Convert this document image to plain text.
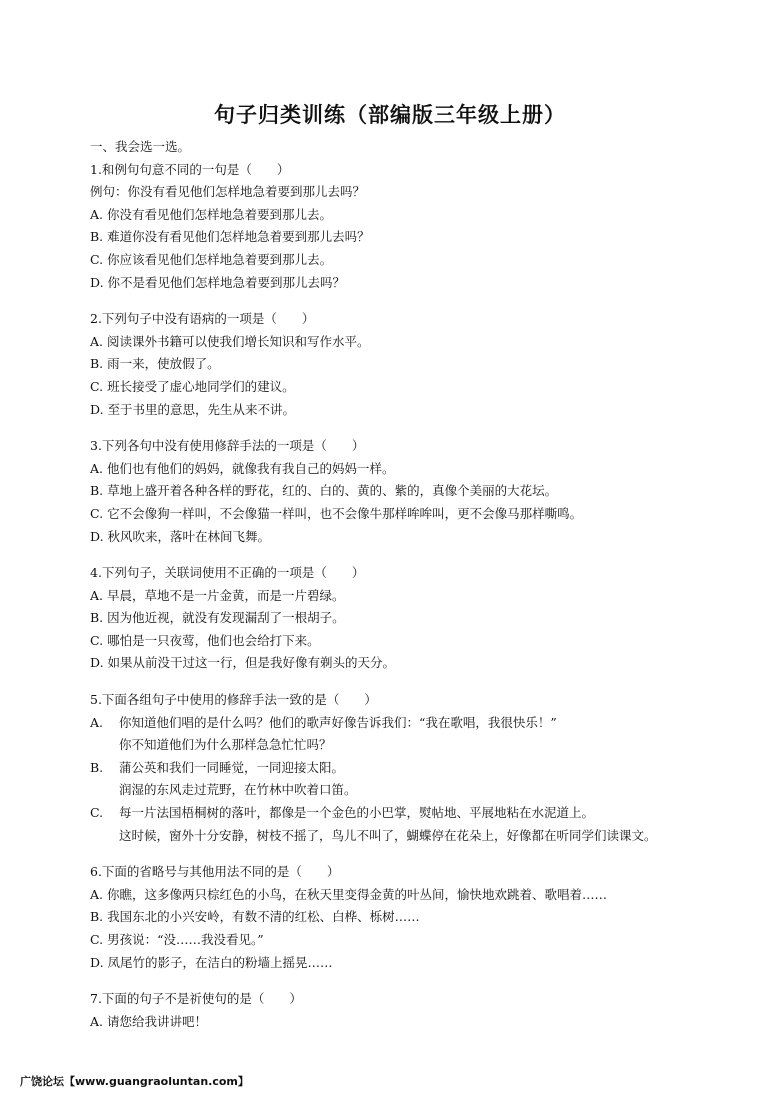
句子归类训练（部编版三年级上册）
一、我会选一选。
1.和例句句意不同的一句是（　　）
例句：你没有看见他们怎样地急着要到那儿去吗？
A. 你没有看见他们怎样地急着要到那儿去。
B. 难道你没有看见他们怎样地急着要到那儿去吗？
C. 你应该看见他们怎样地急着要到那儿去。
D. 你不是看见他们怎样地急着要到那儿去吗？
2.下列句子中没有语病的一项是（　　）
A. 阅读课外书籍可以使我们增长知识和写作水平。
B. 雨一来，使放假了。
C. 班长接受了虚心地同学们的建议。
D. 至于书里的意思，先生从来不讲。
3.下列各句中没有使用修辞手法的一项是（　　）
A. 他们也有他们的妈妈，就像我有我自己的妈妈一样。
B. 草地上盛开着各种各样的野花，红的、白的、黄的、紫的，真像个美丽的大花坛。
C. 它不会像狗一样叫，不会像猫一样叫，也不会像牛那样哞哞叫，更不会像马那样嘶鸣。
D. 秋风吹来，落叶在林间飞舞。
4.下列句子，关联词使用不正确的一项是（　　）
A. 早晨，草地不是一片金黄，而是一片碧绿。
B. 因为他近视，就没有发现漏刮了一根胡子。
C. 哪怕是一只夜莺，他们也会给打下来。
D. 如果从前没干过这一行，但是我好像有剃头的天分。
5.下面各组句子中使用的修辞手法一致的是（　　）
A. 你知道他们唱的是什么吗？他们的歌声好像告诉我们：“我在歌唱，我很快乐！”
你不知道他们为什么那样急急忙忙吗？
B. 蒲公英和我们一同睡觉，一同迎接太阳。
润湿的东风走过荒野，在竹林中吹着口笛。
C. 每一片法国梧桐树的落叶，都像是一个金色的小巴掌，熨帖地、平展地粘在水泥道上。
这时候，窗外十分安静，树枝不摇了，鸟儿不叫了，蝴蝶停在花朵上，好像都在听同学们读课文。
6.下面的省略号与其他用法不同的是（　　）
A. 你瞧，这多像两只棕红色的小鸟，在秋天里变得金黄的叶丛间，愉快地欢跳着、歌唱着……
B. 我国东北的小兴安岭，有数不清的红松、白桦、栎树……
C. 男孩说：“没……我没看见。”
D. 凤尾竹的影子，在洁白的粉墙上摇晃……
7.下面的句子不是祈使句的是（　　）
A. 请您给我讲讲吧！
广饶论坛【www.guangraoluntan.com】
